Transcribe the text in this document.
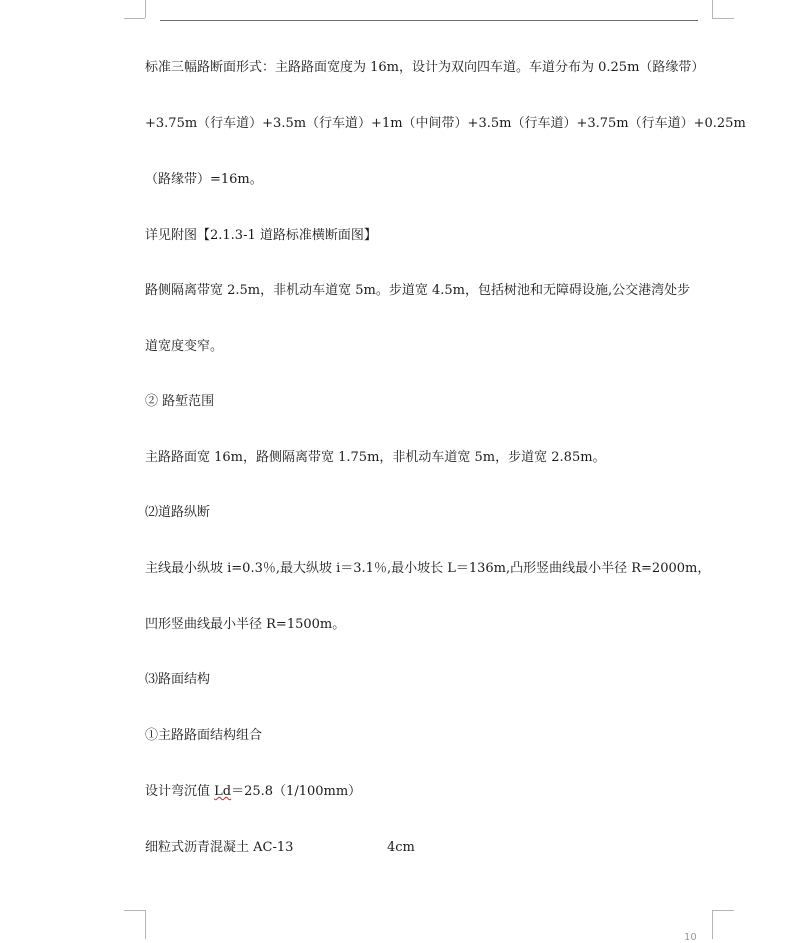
标准三幅路断面形式：主路路面宽度为 16m，设计为双向四车道。车道分布为 0.25m（路缘带）
+3.75m（行车道）+3.5m（行车道）+1m（中间带）+3.5m（行车道）+3.75m（行车道）+0.25m
（路缘带）=16m。
详见附图【2.1.3-1 道路标准横断面图】
路侧隔离带宽 2.5m，非机动车道宽 5m。步道宽 4.5m，包括树池和无障碍设施,公交港湾处步
道宽度变窄。
② 路堑范围
主路路面宽 16m，路侧隔离带宽 1.75m，非机动车道宽 5m，步道宽 2.85m。
⑵道路纵断
主线最小纵坡 i=0.3％,最大纵坡 i＝3.1％,最小坡长 L＝136m,凸形竖曲线最小半径 R=2000m，
凹形竖曲线最小半径 R=1500m。
⑶路面结构
①主路路面结构组合
设计弯沉值 Ld＝25.8（1/100mm）
细粒式沥青混凝土 AC-13	4cm
10
